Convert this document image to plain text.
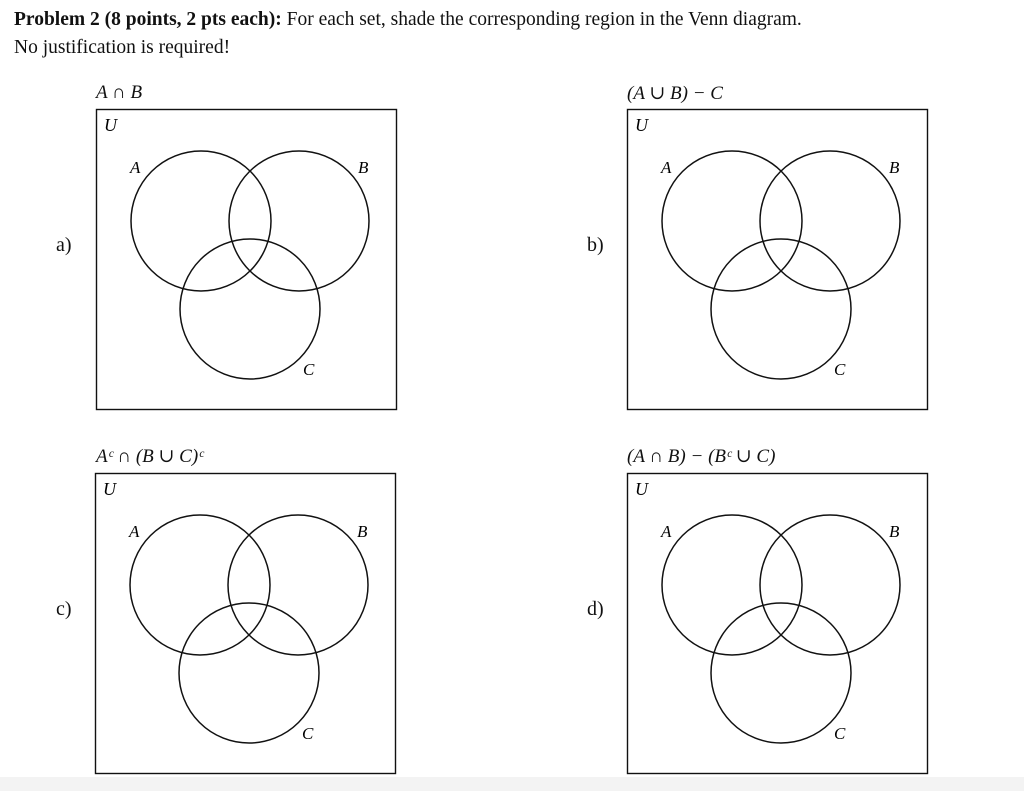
Problem 2 (8 points, 2 pts each): For each set, shade the corresponding region in the Venn diagram.
No justification is required!
a)
A ∩ B
U
A	B
C
b)
(A ∪ B) − C
U
A	B
C
c)
Aᶜ ∩ (B ∪ C)ᶜ
U
A	B
C
d)
(A ∩ B) − (Bᶜ ∪ C)
U
A	B
C
